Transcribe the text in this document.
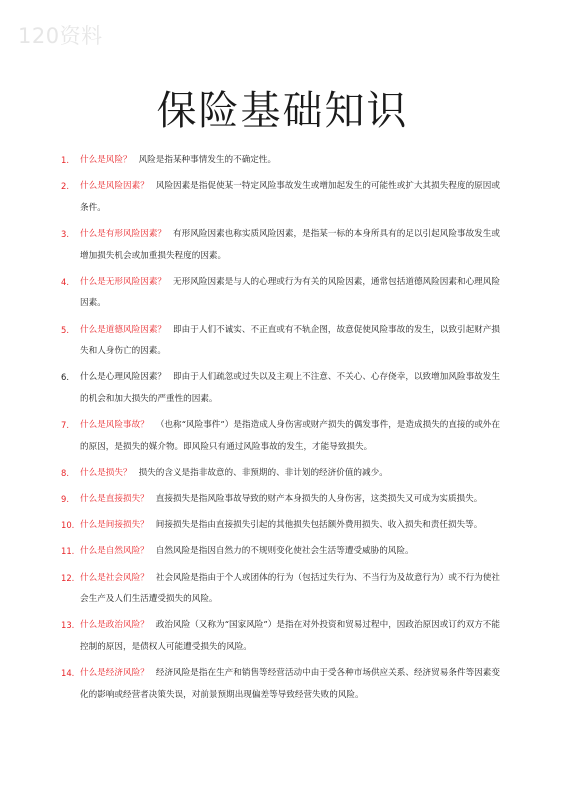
120资料
保险基础知识
1.	什么是风险？ 风险是指某种事情发生的不确定性。
2.	什么是风险因素？ 风险因素是指促使某一特定风险事故发生或增加起发生的可能性或扩大其损失程度的原因或条件。
3.	什么是有形风险因素？ 有形风险因素也称实质风险因素，是指某一标的本身所具有的足以引起风险事故发生或增加损失机会或加重损失程度的因素。
4.	什么是无形风险因素？ 无形风险因素是与人的心理或行为有关的风险因素，通常包括道德风险因素和心理风险因素。
5.	什么是道德风险因素？ 即由于人们不诚实、不正直或有不轨企图，故意促使风险事故的发生，以致引起财产损失和人身伤亡的因素。
6.	什么是心理风险因素？ 即由于人们疏忽或过失以及主观上不注意、不关心、心存侥幸，以致增加风险事故发生的机会和加大损失的严重性的因素。
7.	什么是风险事故？ （也称“风险事件”）是指造成人身伤害或财产损失的偶发事件，是造成损失的直接的或外在的原因，是损失的媒介物。即风险只有通过风险事故的发生，才能导致损失。
8.	什么是损失？ 损失的含义是指非故意的、非预期的、非计划的经济价值的减少。
9.	什么是直接损失？ 直接损失是指风险事故导致的财产本身损失的人身伤害，这类损失又可成为实质损失。
10. 什么是间接损失？ 间接损失是指由直接损失引起的其他损失包括额外费用损失、收入损失和责任损失等。
11. 什么是自然风险？ 自然风险是指因自然力的不规则变化使社会生活等遭受威胁的风险。
12. 什么是社会风险？ 社会风险是指由于个人或团体的行为（包括过失行为、不当行为及故意行为）或不行为使社会生产及人们生活遭受损失的风险。
13. 什么是政治风险？ 政治风险（又称为“国家风险”）是指在对外投资和贸易过程中，因政治原因或订约双方不能控制的原因，是债权人可能遭受损失的风险。
14. 什么是经济风险？ 经济风险是指在生产和销售等经营活动中由于受各种市场供应关系、经济贸易条件等因素变化的影响或经营者决策失误，对前景预期出现偏差等导致经营失败的风险。
